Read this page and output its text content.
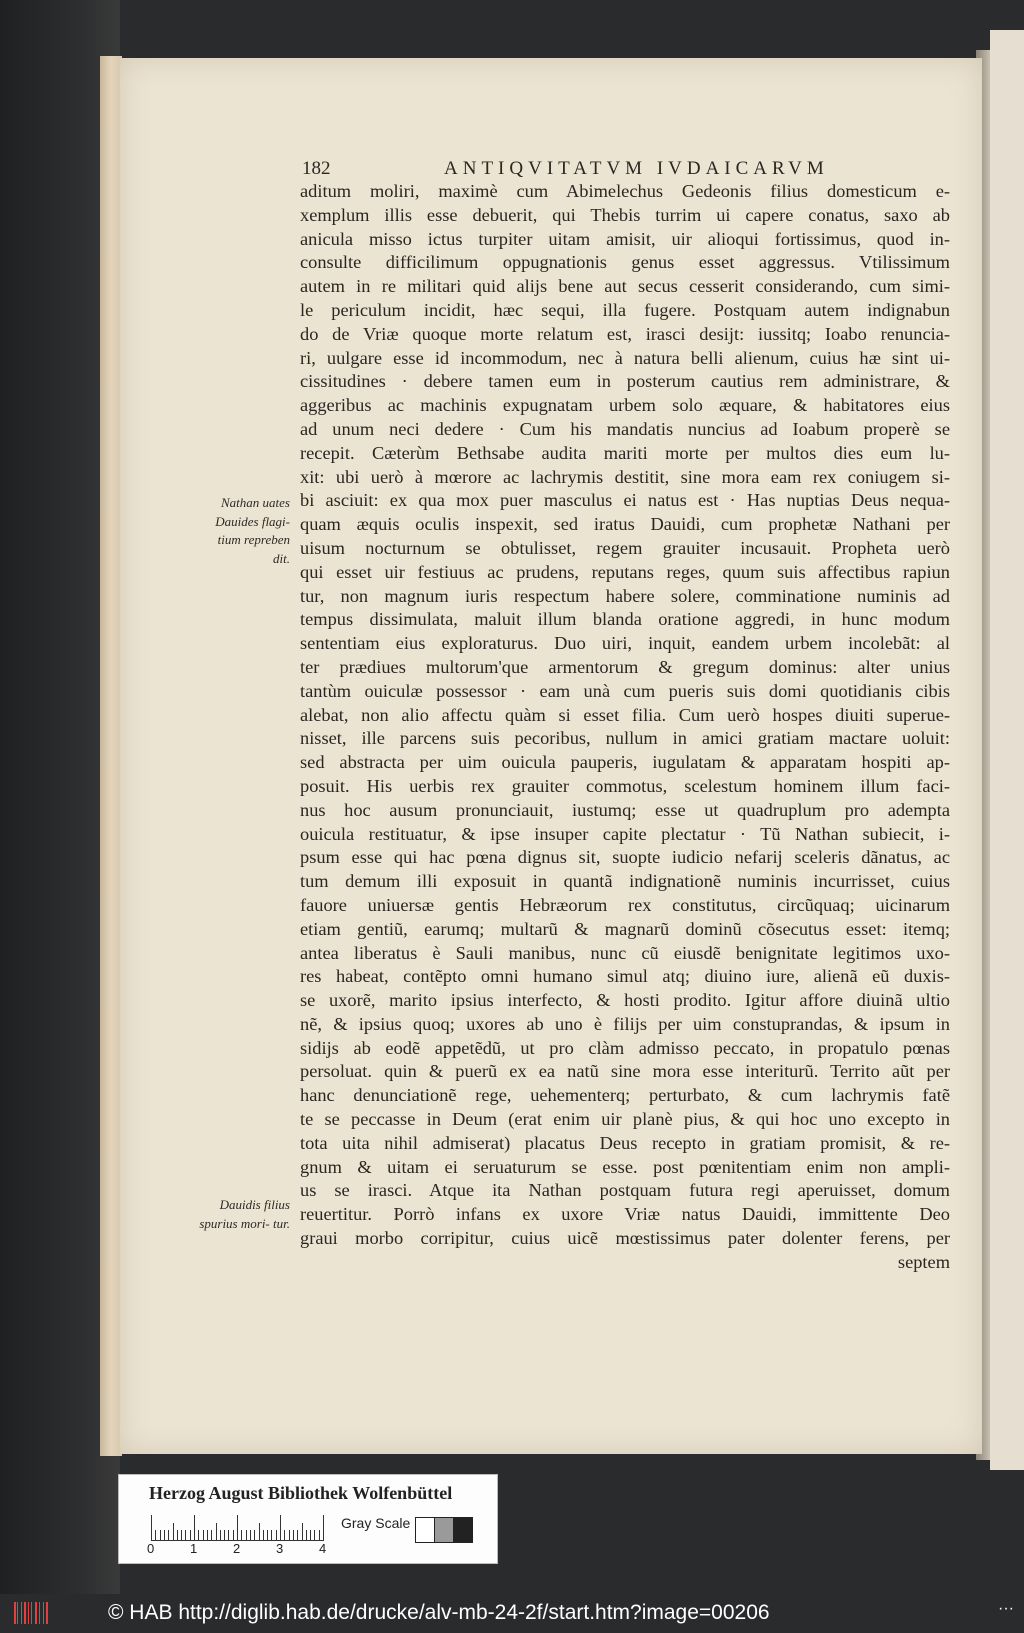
182	ANTIQVITATVM IVDAICARVM
aditum moliri, maximè cum Abimelechus Gedeonis filius domesticum e-
xemplum illis esse debuerit, qui Thebis turrim ui capere conatus, saxo ab
anicula misso ictus turpiter uitam amisit, uir alioqui fortissimus, quod in-
consulte difficilimum oppugnationis genus esset aggressus. Vtilissimum
autem in re militari quid alijs bene aut secus cesserit considerando, cum simi-
le periculum incidit, hæc sequi, illa fugere. Postquam autem indignabun
do de Vriæ quoque morte relatum est, irasci desijt: iussitq; Ioabo renuncia-
ri, uulgare esse id incommodum, nec à natura belli alienum, cuius hæ sint ui-
cissitudines · debere tamen eum in posterum cautius rem administrare, &
aggeribus ac machinis expugnatam urbem solo æquare, & habitatores eius
ad unum neci dedere · Cum his mandatis nuncius ad Ioabum properè se
recepit. Cæterùm Bethsabe audita mariti morte per multos dies eum lu-
xit: ubi uerò à mœrore ac lachrymis destitit, sine mora eam rex coniugem si-
bi asciuit: ex qua mox puer masculus ei natus est · Has nuptias Deus nequa-
quam æquis oculis inspexit, sed iratus Dauidi, cum prophetæ Nathani per
uisum nocturnum se obtulisset, regem grauiter incusauit. Propheta uerò
qui esset uir festiuus ac prudens, reputans reges, quum suis affectibus rapiun
tur, non magnum iuris respectum habere solere, comminatione numinis ad
tempus dissimulata, maluit illum blanda oratione aggredi, in hunc modum
sententiam eius exploraturus. Duo uiri, inquit, eandem urbem incolebãt: al
ter prædiues multorum'que armentorum & gregum dominus: alter unius
tantùm ouiculæ possessor · eam unà cum pueris suis domi quotidianis cibis
alebat, non alio affectu quàm si esset filia. Cum uerò hospes diuiti superue-
nisset, ille parcens suis pecoribus, nullum in amici gratiam mactare uoluit:
sed abstracta per uim ouicula pauperis, iugulatam & apparatam hospiti ap-
posuit. His uerbis rex grauiter commotus, scelestum hominem illum faci-
nus hoc ausum pronunciauit, iustumq; esse ut quadruplum pro adempta
ouicula restituatur, & ipse insuper capite plectatur · Tũ Nathan subiecit, i-
psum esse qui hac pœna dignus sit, suopte iudicio nefarij sceleris dãnatus, ac
tum demum illi exposuit in quantã indignationẽ numinis incurrisset, cuius
fauore uniuersæ gentis Hebræorum rex constitutus, circũquaq; uicinarum
etiam gentiũ, earumq; multarũ & magnarũ dominũ cõsecutus esset: itemq;
antea liberatus è Sauli manibus, nunc cũ eiusdẽ benignitate legitimos uxo-
res habeat, contẽpto omni humano simul atq; diuino iure, alienã eũ duxis-
se uxorẽ, marito ipsius interfecto, & hosti prodito. Igitur affore diuinã ultio
nẽ, & ipsius quoq; uxores ab uno è filijs per uim constuprandas, & ipsum in
sidijs ab eodẽ appetẽdũ, ut pro clàm admisso peccato, in propatulo pœnas
persoluat. quin & puerũ ex ea natũ sine mora esse interiturũ. Territo aũt per
hanc denunciationẽ rege, uehementerq; perturbato, & cum lachrymis fatẽ
te se peccasse in Deum (erat enim uir planè pius, & qui hoc uno excepto in
tota uita nihil admiserat) placatus Deus recepto in gratiam promisit, & re-
gnum & uitam ei seruaturum se esse. post pœnitentiam enim non ampli-
us se irasci. Atque ita Nathan postquam futura regi aperuisset, domum
reuertitur. Porrò infans ex uxore Vriæ natus Dauidi, immittente Deo
graui morbo corripitur, cuius uicẽ mœstissimus pater dolenter ferens, per
septem
Nathan uates Dauides flagi- tium repreben dit.
Dauidis filius spurius mori- tur.
Herzog August Bibliothek Wolfenbüttel
0	1	2	3	4
Gray Scale
© HAB http://diglib.hab.de/drucke/alv-mb-24-2f/start.htm?image=00206	···
